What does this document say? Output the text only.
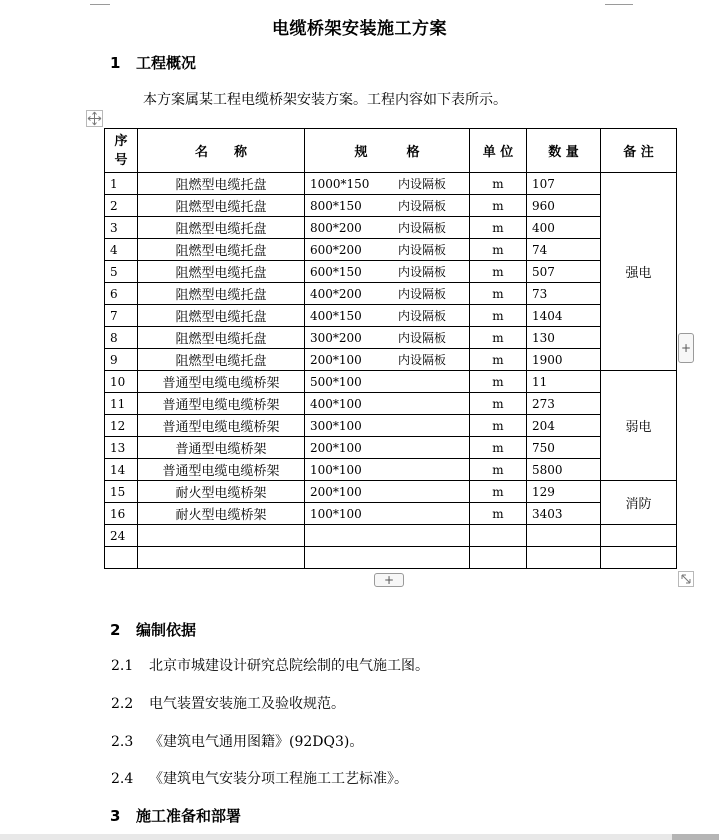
电缆桥架安装施工方案
1 工程概况
本方案属某工程电缆桥架安装方案。工程内容如下表所示。
序
号	名　　称	规　　　格	单 位	数 量	备 注
1	阻燃型电缆托盘	1000*150 内设隔板	m	107	强电
2	阻燃型电缆托盘	800*150 内设隔板	m	960	
3	阻燃型电缆托盘	800*200 内设隔板	m	400	
4	阻燃型电缆托盘	600*200 内设隔板	m	74	
5	阻燃型电缆托盘	600*150 内设隔板	m	507	
6	阻燃型电缆托盘	400*200 内设隔板	m	73	
7	阻燃型电缆托盘	400*150 内设隔板	m	1404	
8	阻燃型电缆托盘	300*200 内设隔板	m	130	
9	阻燃型电缆托盘	200*100 内设隔板	m	1900	
10	普通型电缆电缆桥架	500*100	m	11	弱电
11	普通型电缆电缆桥架	400*100	m	273	
12	普通型电缆电缆桥架	300*100	m	204	
13	普通型电缆桥架	200*100	m	750	
14	普通型电缆电缆桥架	100*100	m	5800	
15	耐火型电缆桥架	200*100	m	129	消防
16	耐火型电缆桥架	100*100	m	3403	
24					

+
+
2 编制依据
2.1 北京市城建设计研究总院绘制的电气施工图。
2.2 电气装置安装施工及验收规范。
2.3 《建筑电气通用图籍》(92DQ3)。
2.4 《建筑电气安装分项工程施工工艺标准》。
3 施工准备和部署
